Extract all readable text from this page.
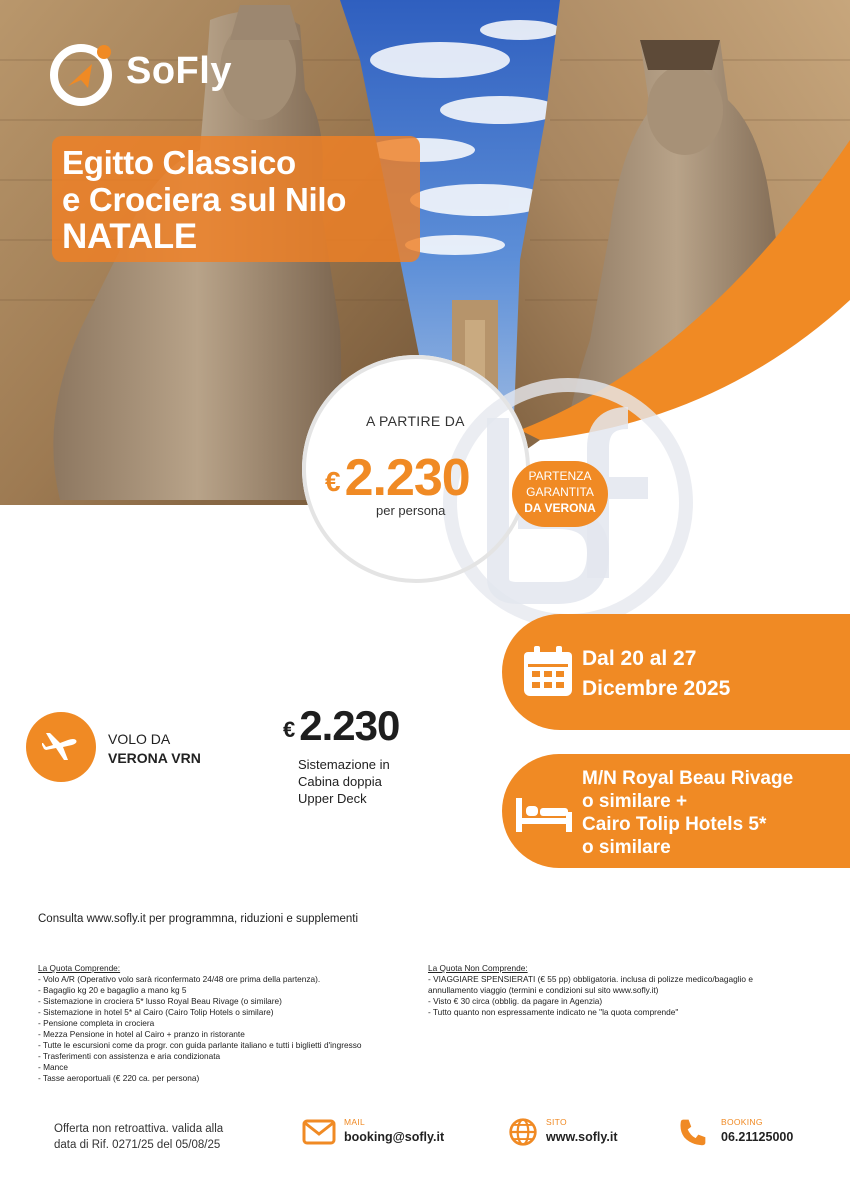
SoFly
Egitto Classico
e Crociera sul Nilo
NATALE
A PARTIRE DA
€2.230
per persona
PARTENZA
GARANTITA
DA VERONA
Dal 20 al 27
Dicembre 2025
M/N Royal Beau Rivage
o similare +
Cairo Tolip Hotels 5*
o similare
VOLO DA
VERONA VRN
€2.230
Sistemazione in
Cabina doppia
Upper Deck
Consulta www.sofly.it per programmna, riduzioni e supplementi
La Quota Comprende:
- Volo A/R (Operativo volo sarà riconfermato 24/48 ore prima della partenza).
- Bagaglio kg 20 e bagaglio a mano kg 5
- Sistemazione in crociera 5* lusso Royal Beau Rivage (o similare)
- Sistemazione in hotel 5* al Cairo (Cairo Tolip Hotels o similare)
- Pensione completa in crociera
- Mezza Pensione in hotel al Cairo + pranzo in ristorante
- Tutte le escursioni come da progr. con guida parlante italiano e tutti i biglietti d'ingresso
- Trasferimenti con assistenza e aria condizionata
- Mance
- Tasse aeroportuali (€ 220 ca. per persona)
La Quota Non Comprende:
- VIAGGIARE SPENSIERATI (€ 55 pp) obbligatoria. inclusa di polizze medico/bagaglio e
annullamento viaggio (termini e condizioni sul sito www.sofly.it)
- Visto € 30 circa (obblig. da pagare in Agenzia)
- Tutto quanto non espressamente indicato ne "la quota comprende"
Offerta non retroattiva. valida alla
data di Rif. 0271/25 del 05/08/25
MAIL
booking@sofly.it
SITO
www.sofly.it
BOOKING
06.21125000
